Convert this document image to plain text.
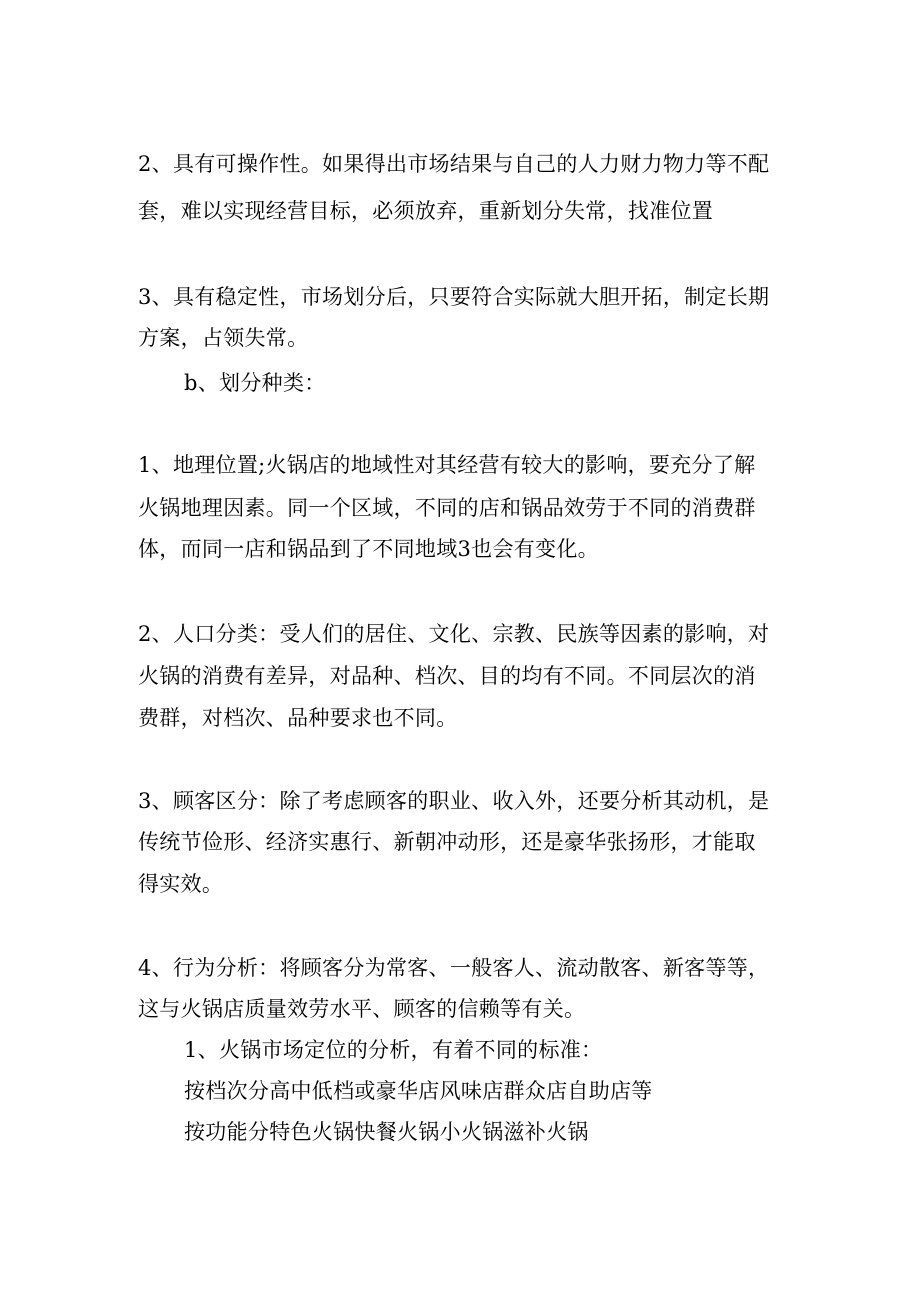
2、具有可操作性。如果得出市场结果与自己的人力财力物力等不配
套，难以实现经营目标，必须放弃，重新划分失常，找准位置
3、具有稳定性，市场划分后，只要符合实际就大胆开拓，制定长期
方案，占领失常。
b、划分种类：
1、地理位置;火锅店的地域性对其经营有较大的影响，要充分了解
火锅地理因素。同一个区域，不同的店和锅品效劳于不同的消费群
体，而同一店和锅品到了不同地域3也会有变化。
2、人口分类：受人们的居住、文化、宗教、民族等因素的影响，对
火锅的消费有差异，对品种、档次、目的均有不同。不同层次的消
费群，对档次、品种要求也不同。
3、顾客区分：除了考虑顾客的职业、收入外，还要分析其动机，是
传统节俭形、经济实惠行、新朝冲动形，还是豪华张扬形，才能取
得实效。
4、行为分析：将顾客分为常客、一般客人、流动散客、新客等等，
这与火锅店质量效劳水平、顾客的信赖等有关。
1、火锅市场定位的分析，有着不同的标准：
按档次分高中低档或豪华店风味店群众店自助店等
按功能分特色火锅快餐火锅小火锅滋补火锅
